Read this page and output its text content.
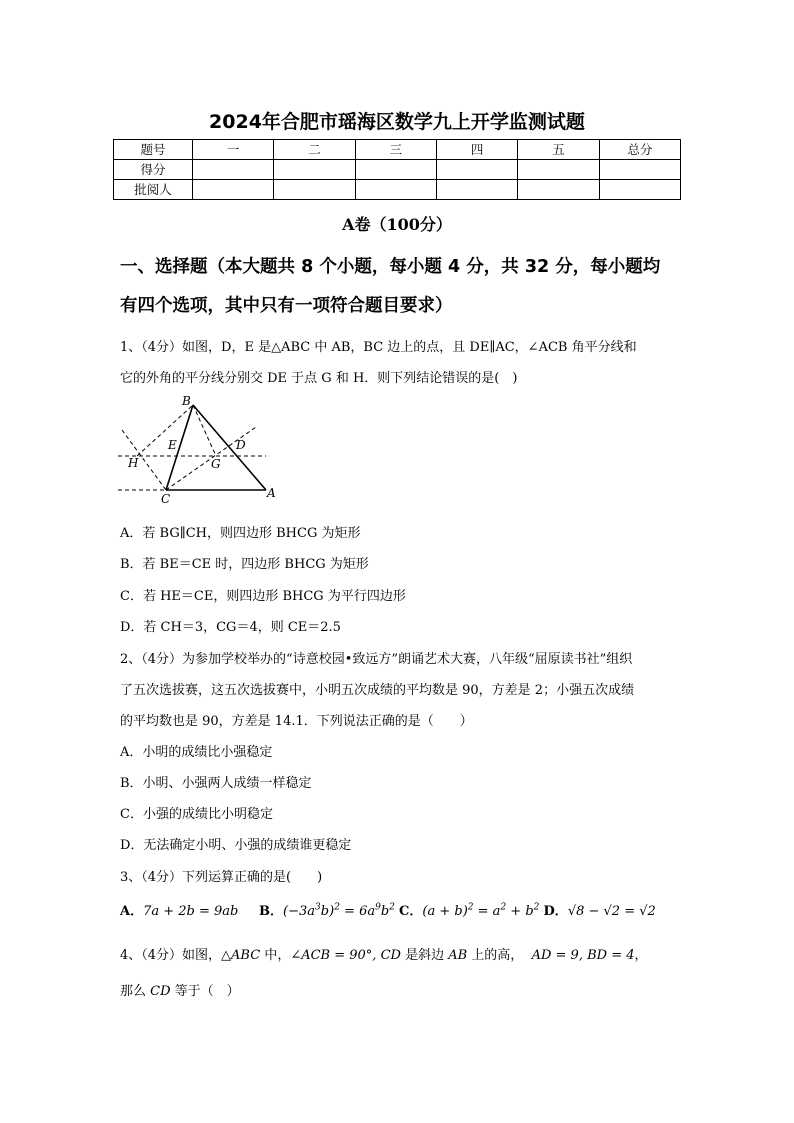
2024年合肥市瑶海区数学九上开学监测试题
题号	一	二	三	四	五	总分
得分						
批阅人						
A卷（100分）
一、选择题（本大题共 8 个小题，每小题 4 分，共 32 分，每小题均
有四个选项，其中只有一项符合题目要求）
1、（4分）如图，D，E 是△ABC 中 AB，BC 边上的点，且 DE∥AC，∠ACB 角平分线和
它的外角的平分线分别交 DE 于点 G 和 H．则下列结论错误的是(　)
B
E	D
H	G
C	A
A．若 BG∥CH，则四边形 BHCG 为矩形
B．若 BE＝CE 时，四边形 BHCG 为矩形
C．若 HE＝CE，则四边形 BHCG 为平行四边形
D．若 CH＝3，CG＝4，则 CE＝2.5
2、（4分）为参加学校举办的“诗意校园•致远方”朗诵艺术大赛，八年级“屈原读书社”组织
了五次选拔赛，这五次选拔赛中，小明五次成绩的平均数是 90，方差是 2；小强五次成绩
的平均数也是 90，方差是 14.1．下列说法正确的是（　　）
A．小明的成绩比小强稳定
B．小明、小强两人成绩一样稳定
C．小强的成绩比小明稳定
D．无法确定小明、小强的成绩谁更稳定
3、（4分）下列运算正确的是(　　)
A．7a + 2b = 9ab B．$(-3a^3b)^2 = 6a^9b^2$ C．$(a + b)^2 = a^2 + b^2$ D．√8 − √2 = √2
4、（4分）如图，△ABC 中，∠ACB = 90°, CD 是斜边 AB 上的高， AD = 9, BD = 4，
那么 CD 等于（　）
